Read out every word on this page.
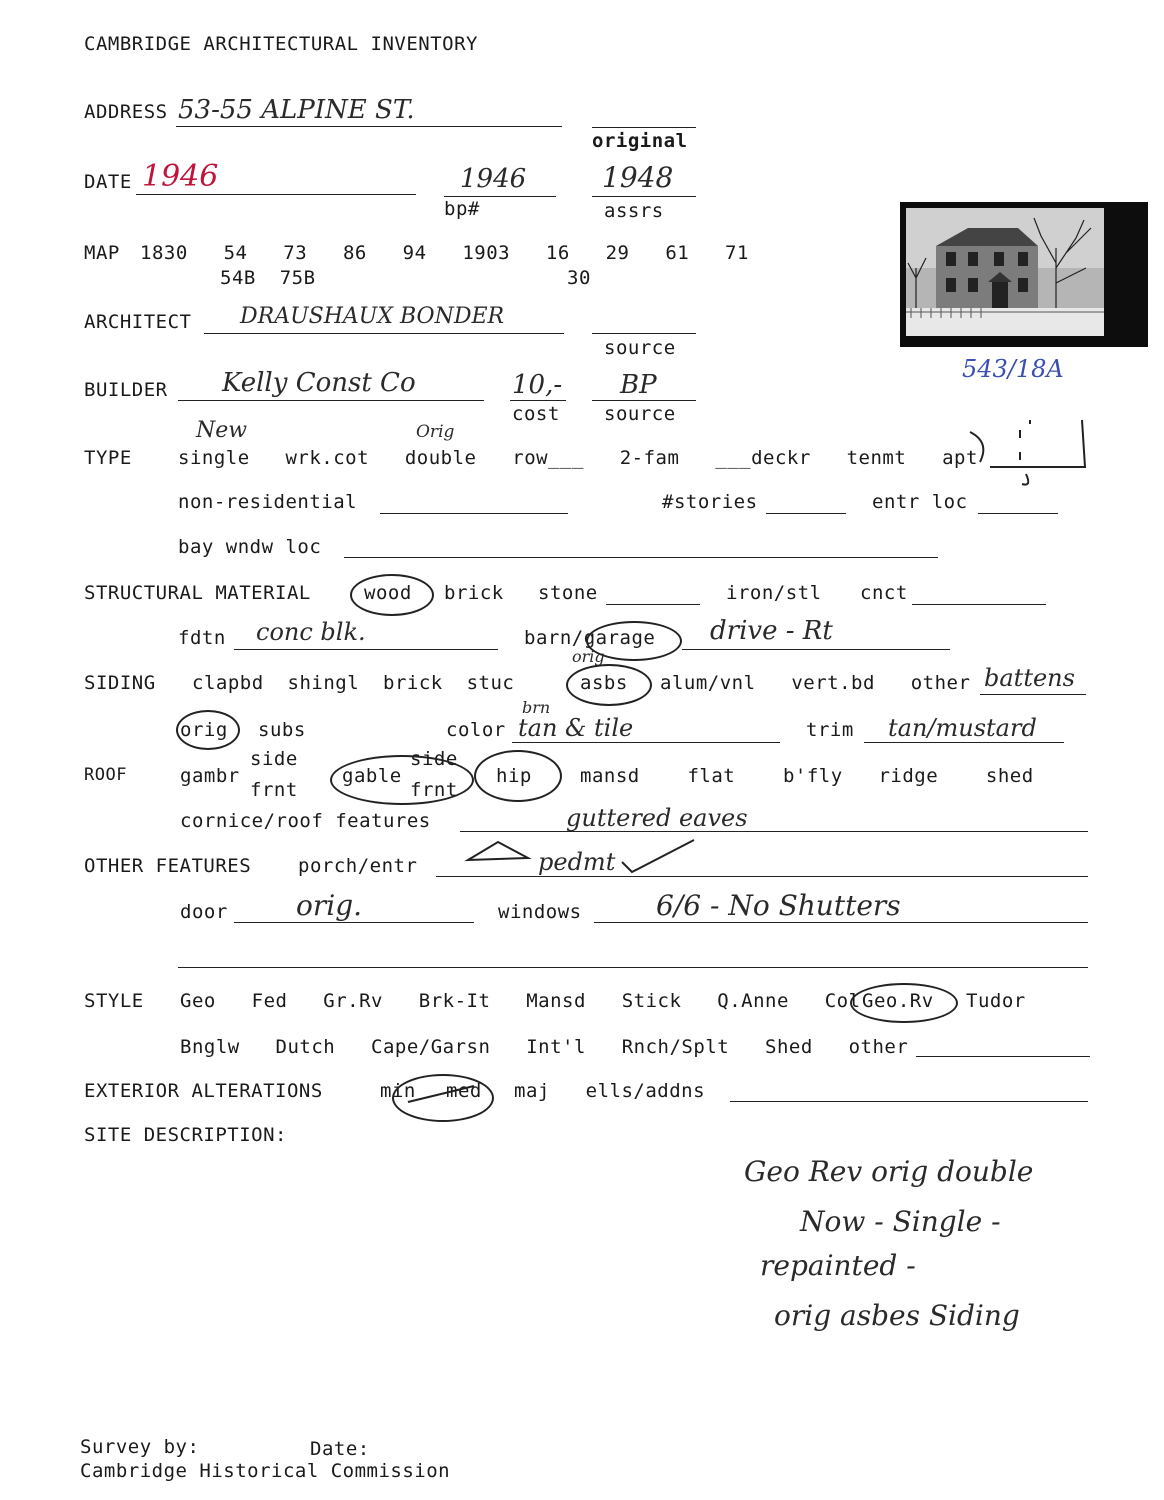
CAMBRIDGE ARCHITECTURAL INVENTORY
ADDRESS 53-55 ALPINE ST.
original
DATE 1946	1946
bp#
1948
assrs
543/18A
MAP 1830   54   73   86   94   1903   16   29   61   71
54B  75B	30
ARCHITECT DRAUSHAUX BONDER
source
BUILDER Kelly Const Co	10,-
cost
BP
source
New	Orig
TYPE single   wrk.cot   double   row___   2-fam   ___deckr   tenmt   apt
non-residential	#stories	entr loc
bay wndw loc
STRUCTURAL MATERIAL	wood brick stone	iron/stl cnct
fdtn conc blk.	barn/garage drive - Rt
orig
SIDING clapbd  shingl  brick  stuc	asbs alum/vnl   vert.bd   other battens
orig subs
brn
color tan & tile	trim tan/mustard
ROOF	gambr
side
frnt
gable
side
frnt
hip	mansd    flat    b'fly   ridge    shed
cornice/roof features	guttered eaves
OTHER FEATURES porch/entr	pedmt
door orig.	windows	6/6 - No Shutters
STYLE Geo   Fed   Gr.Rv   Brk-It   Mansd   Stick   Q.Anne   Col Geo.Rv Tudor
Bnglw   Dutch   Cape/Garsn   Int'l   Rnch/Splt   Shed   other
EXTERIOR ALTERATIONS	min med maj   ells/addns
SITE DESCRIPTION:
Geo Rev orig double
Now - Single -
repainted -
orig asbes Siding
Survey by:	Date:
Cambridge Historical Commission
